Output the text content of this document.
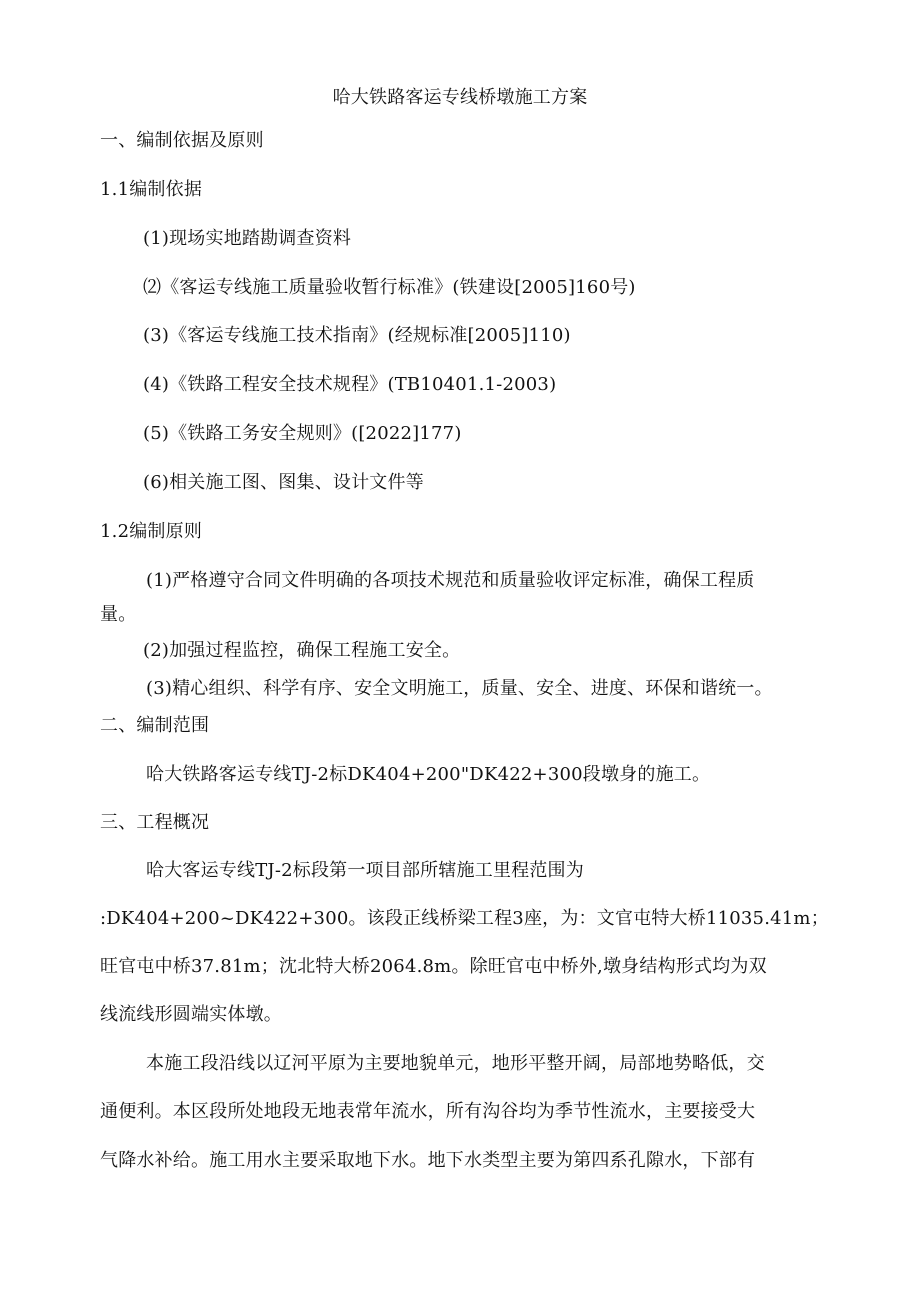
哈大铁路客运专线桥墩施工方案
一、编制依据及原则
1.1编制依据
(1)现场实地踏勘调查资料
⑵《客运专线施工质量验收暂行标准》(铁建设[2005]160号)
(3)《客运专线施工技术指南》(经规标准[2005]110)
(4)《铁路工程安全技术规程》(TB10401.1-2003)
(5)《铁路工务安全规则》([2022]177)
(6)相关施工图、图集、设计文件等
1.2编制原则
(1)严格遵守合同文件明确的各项技术规范和质量验收评定标准，确保工程质
量。
(2)加强过程监控，确保工程施工安全。
(3)精心组织、科学有序、安全文明施工，质量、安全、进度、环保和谐统一。
二、编制范围
哈大铁路客运专线TJ-2标DK404+200"DK422+300段墩身的施工。
三、工程概况
哈大客运专线TJ-2标段第一项目部所辖施工里程范围为
:DK404+200~DK422+300。该段正线桥梁工程3座，为：文官屯特大桥11035.41m；
旺官屯中桥37.81m；沈北特大桥2064.8m。除旺官屯中桥外,墩身结构形式均为双
线流线形圆端实体墩。
本施工段沿线以辽河平原为主要地貌单元，地形平整开阔，局部地势略低，交
通便利。本区段所处地段无地表常年流水，所有沟谷均为季节性流水，主要接受大
气降水补给。施工用水主要采取地下水。地下水类型主要为第四系孔隙水，下部有
